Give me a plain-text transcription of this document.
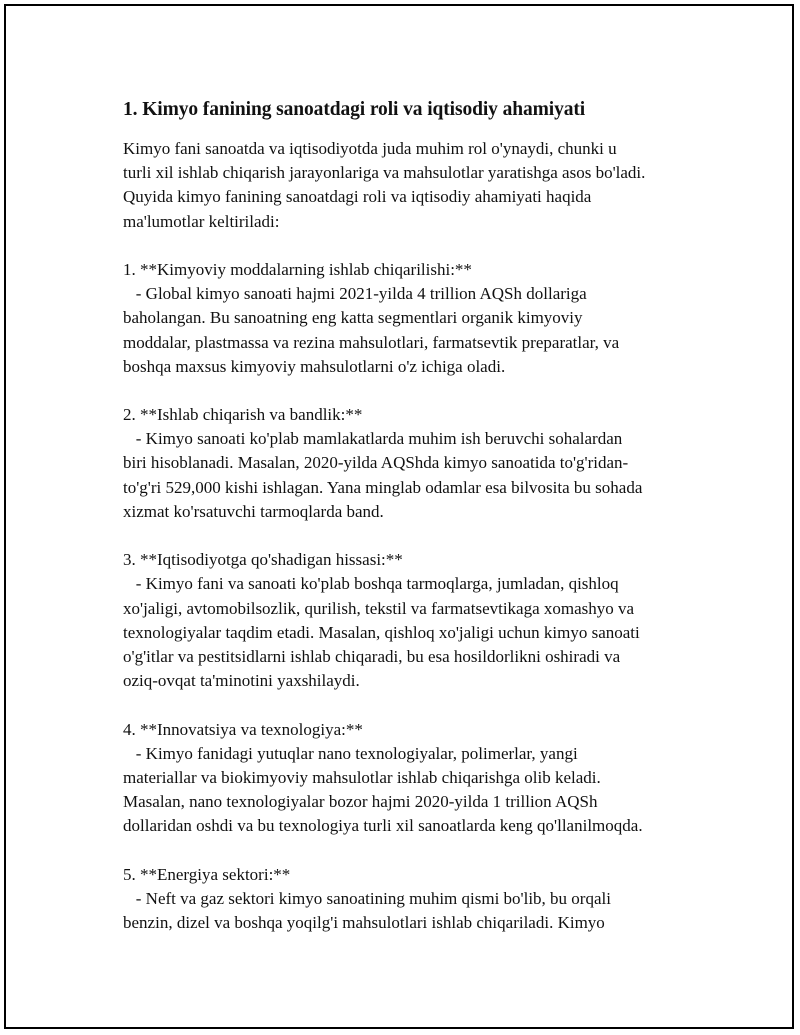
1. Kimyo fanining sanoatdagi roli va iqtisodiy ahamiyati
Kimyo fani sanoatda va iqtisodiyotda juda muhim rol o'ynaydi, chunki u
turli xil ishlab chiqarish jarayonlariga va mahsulotlar yaratishga asos bo'ladi.
Quyida kimyo fanining sanoatdagi roli va iqtisodiy ahamiyati haqida
ma'lumotlar keltiriladi:
1. **Kimyoviy moddalarning ishlab chiqarilishi:**
- Global kimyo sanoati hajmi 2021-yilda 4 trillion AQSh dollariga
baholangan. Bu sanoatning eng katta segmentlari organik kimyoviy
moddalar, plastmassa va rezina mahsulotlari, farmatsevtik preparatlar, va
boshqa maxsus kimyoviy mahsulotlarni o'z ichiga oladi.
2. **Ishlab chiqarish va bandlik:**
- Kimyo sanoati ko'plab mamlakatlarda muhim ish beruvchi sohalardan
biri hisoblanadi. Masalan, 2020-yilda AQShda kimyo sanoatida to'g'ridan-
to'g'ri 529,000 kishi ishlagan. Yana minglab odamlar esa bilvosita bu sohada
xizmat ko'rsatuvchi tarmoqlarda band.
3. **Iqtisodiyotga qo'shadigan hissasi:**
- Kimyo fani va sanoati ko'plab boshqa tarmoqlarga, jumladan, qishloq
xo'jaligi, avtomobilsozlik, qurilish, tekstil va farmatsevtikaga xomashyo va
texnologiyalar taqdim etadi. Masalan, qishloq xo'jaligi uchun kimyo sanoati
o'g'itlar va pestitsidlarni ishlab chiqaradi, bu esa hosildorlikni oshiradi va
oziq-ovqat ta'minotini yaxshilaydi.
4. **Innovatsiya va texnologiya:**
- Kimyo fanidagi yutuqlar nano texnologiyalar, polimerlar, yangi
materiallar va biokimyoviy mahsulotlar ishlab chiqarishga olib keladi.
Masalan, nano texnologiyalar bozor hajmi 2020-yilda 1 trillion AQSh
dollaridan oshdi va bu texnologiya turli xil sanoatlarda keng qo'llanilmoqda.
5. **Energiya sektori:**
- Neft va gaz sektori kimyo sanoatining muhim qismi bo'lib, bu orqali
benzin, dizel va boshqa yoqilg'i mahsulotlari ishlab chiqariladi. Kimyo
